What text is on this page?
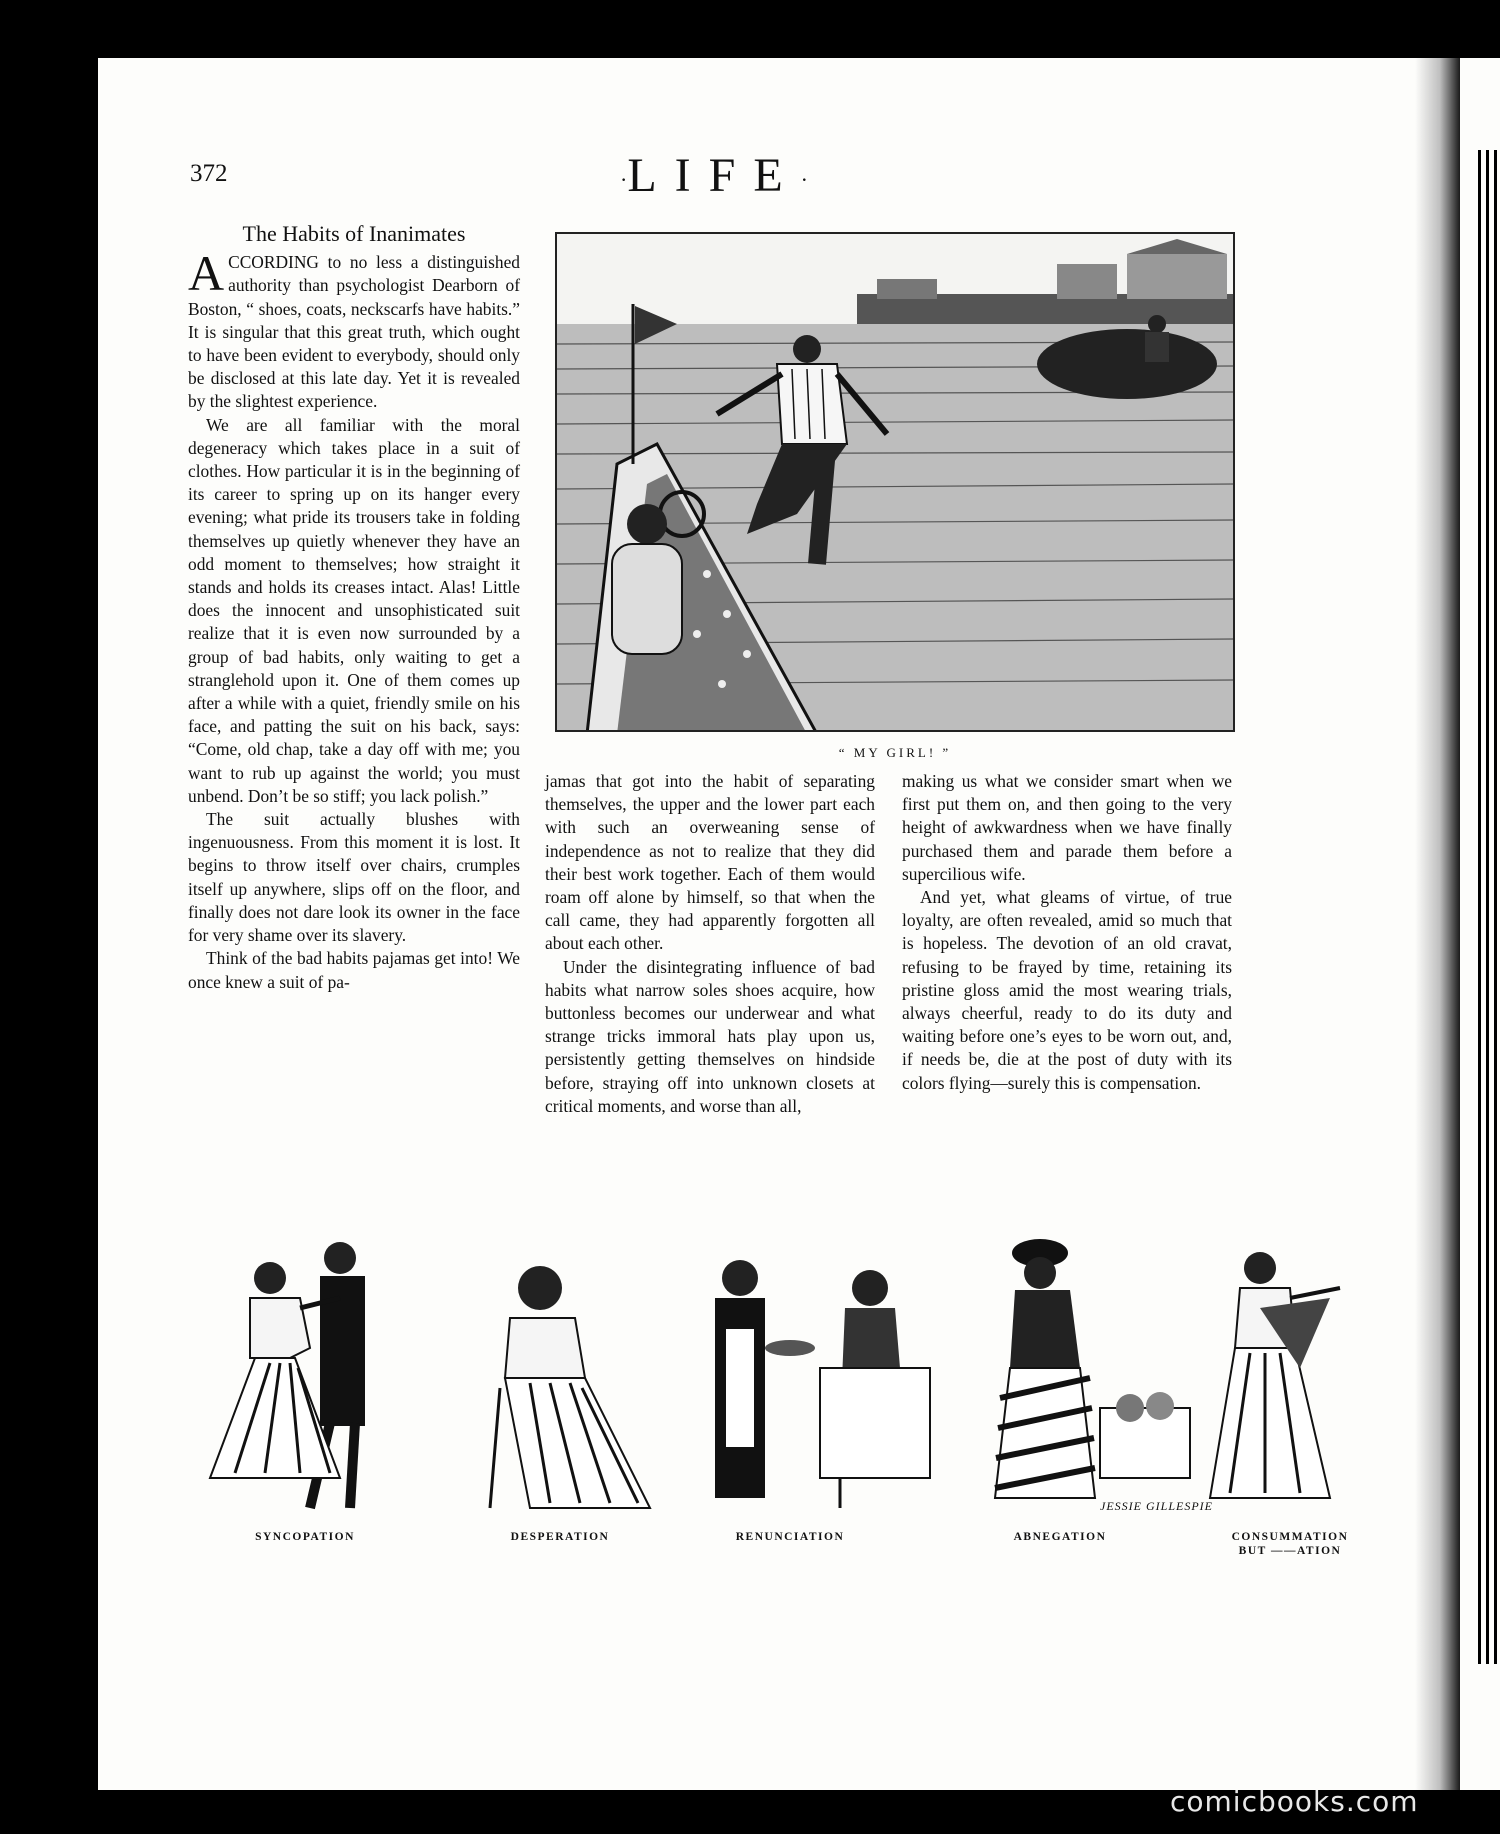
372	·LIFE·
The Habits of Inanimates

ACCORDING to no less a distinguished authority than psychologist Dearborn of Boston, “ shoes, coats, neckscarfs have habits.” It is singular that this great truth, which ought to have been evident to everybody, should only be disclosed at this late day. Yet it is revealed by the slightest experience.

We are all familiar with the moral degeneracy which takes place in a suit of clothes. How particular it is in the beginning of its career to spring up on its hanger every evening; what pride its trousers take in folding themselves up quietly whenever they have an odd moment to themselves; how straight it stands and holds its creases intact. Alas! Little does the innocent and unsophisticated suit realize that it is even now surrounded by a group of bad habits, only waiting to get a stranglehold upon it. One of them comes up after a while with a quiet, friendly smile on his face, and patting the suit on his back, says: “Come, old chap, take a day off with me; you want to rub up against the world; you must unbend. Don’t be so stiff; you lack polish.”

The suit actually blushes with ingenuousness. From this moment it is lost. It begins to throw itself over chairs, crumples itself up anywhere, slips off on the floor, and finally does not dare look its owner in the face for very shame over its slavery.

Think of the bad habits pajamas get into! We once knew a suit of pa-

“ MY GIRL! ”

jamas that got into the habit of separating themselves, the upper and the lower part each with such an overweaning sense of independence as not to realize that they did their best work together. Each of them would roam off alone by himself, so that when the call came, they had apparently forgotten all about each other.

Under the disintegrating influence of bad habits what narrow soles shoes acquire, how buttonless becomes our underwear and what strange tricks immoral hats play upon us, persistently getting themselves on hindside before, straying off into unknown closets at critical moments, and worse than all,

making us what we consider smart when we first put them on, and then going to the very height of awkwardness when we have finally purchased them and parade them before a supercilious wife.

And yet, what gleams of virtue, of true loyalty, are often revealed, amid so much that is hopeless. The devotion of an old cravat, refusing to be frayed by time, retaining its pristine gloss amid the most wearing trials, always cheerful, ready to do its duty and waiting before one’s eyes to be worn out, and, if needs be, die at the post of duty with its colors flying—surely this is compensation.

JESSIE GILLESPIE
SYNCOPATION	DESPERATION	RENUNCIATION	ABNEGATION	CONSUMMATION
BUT ——ATION
comicbooks.com
